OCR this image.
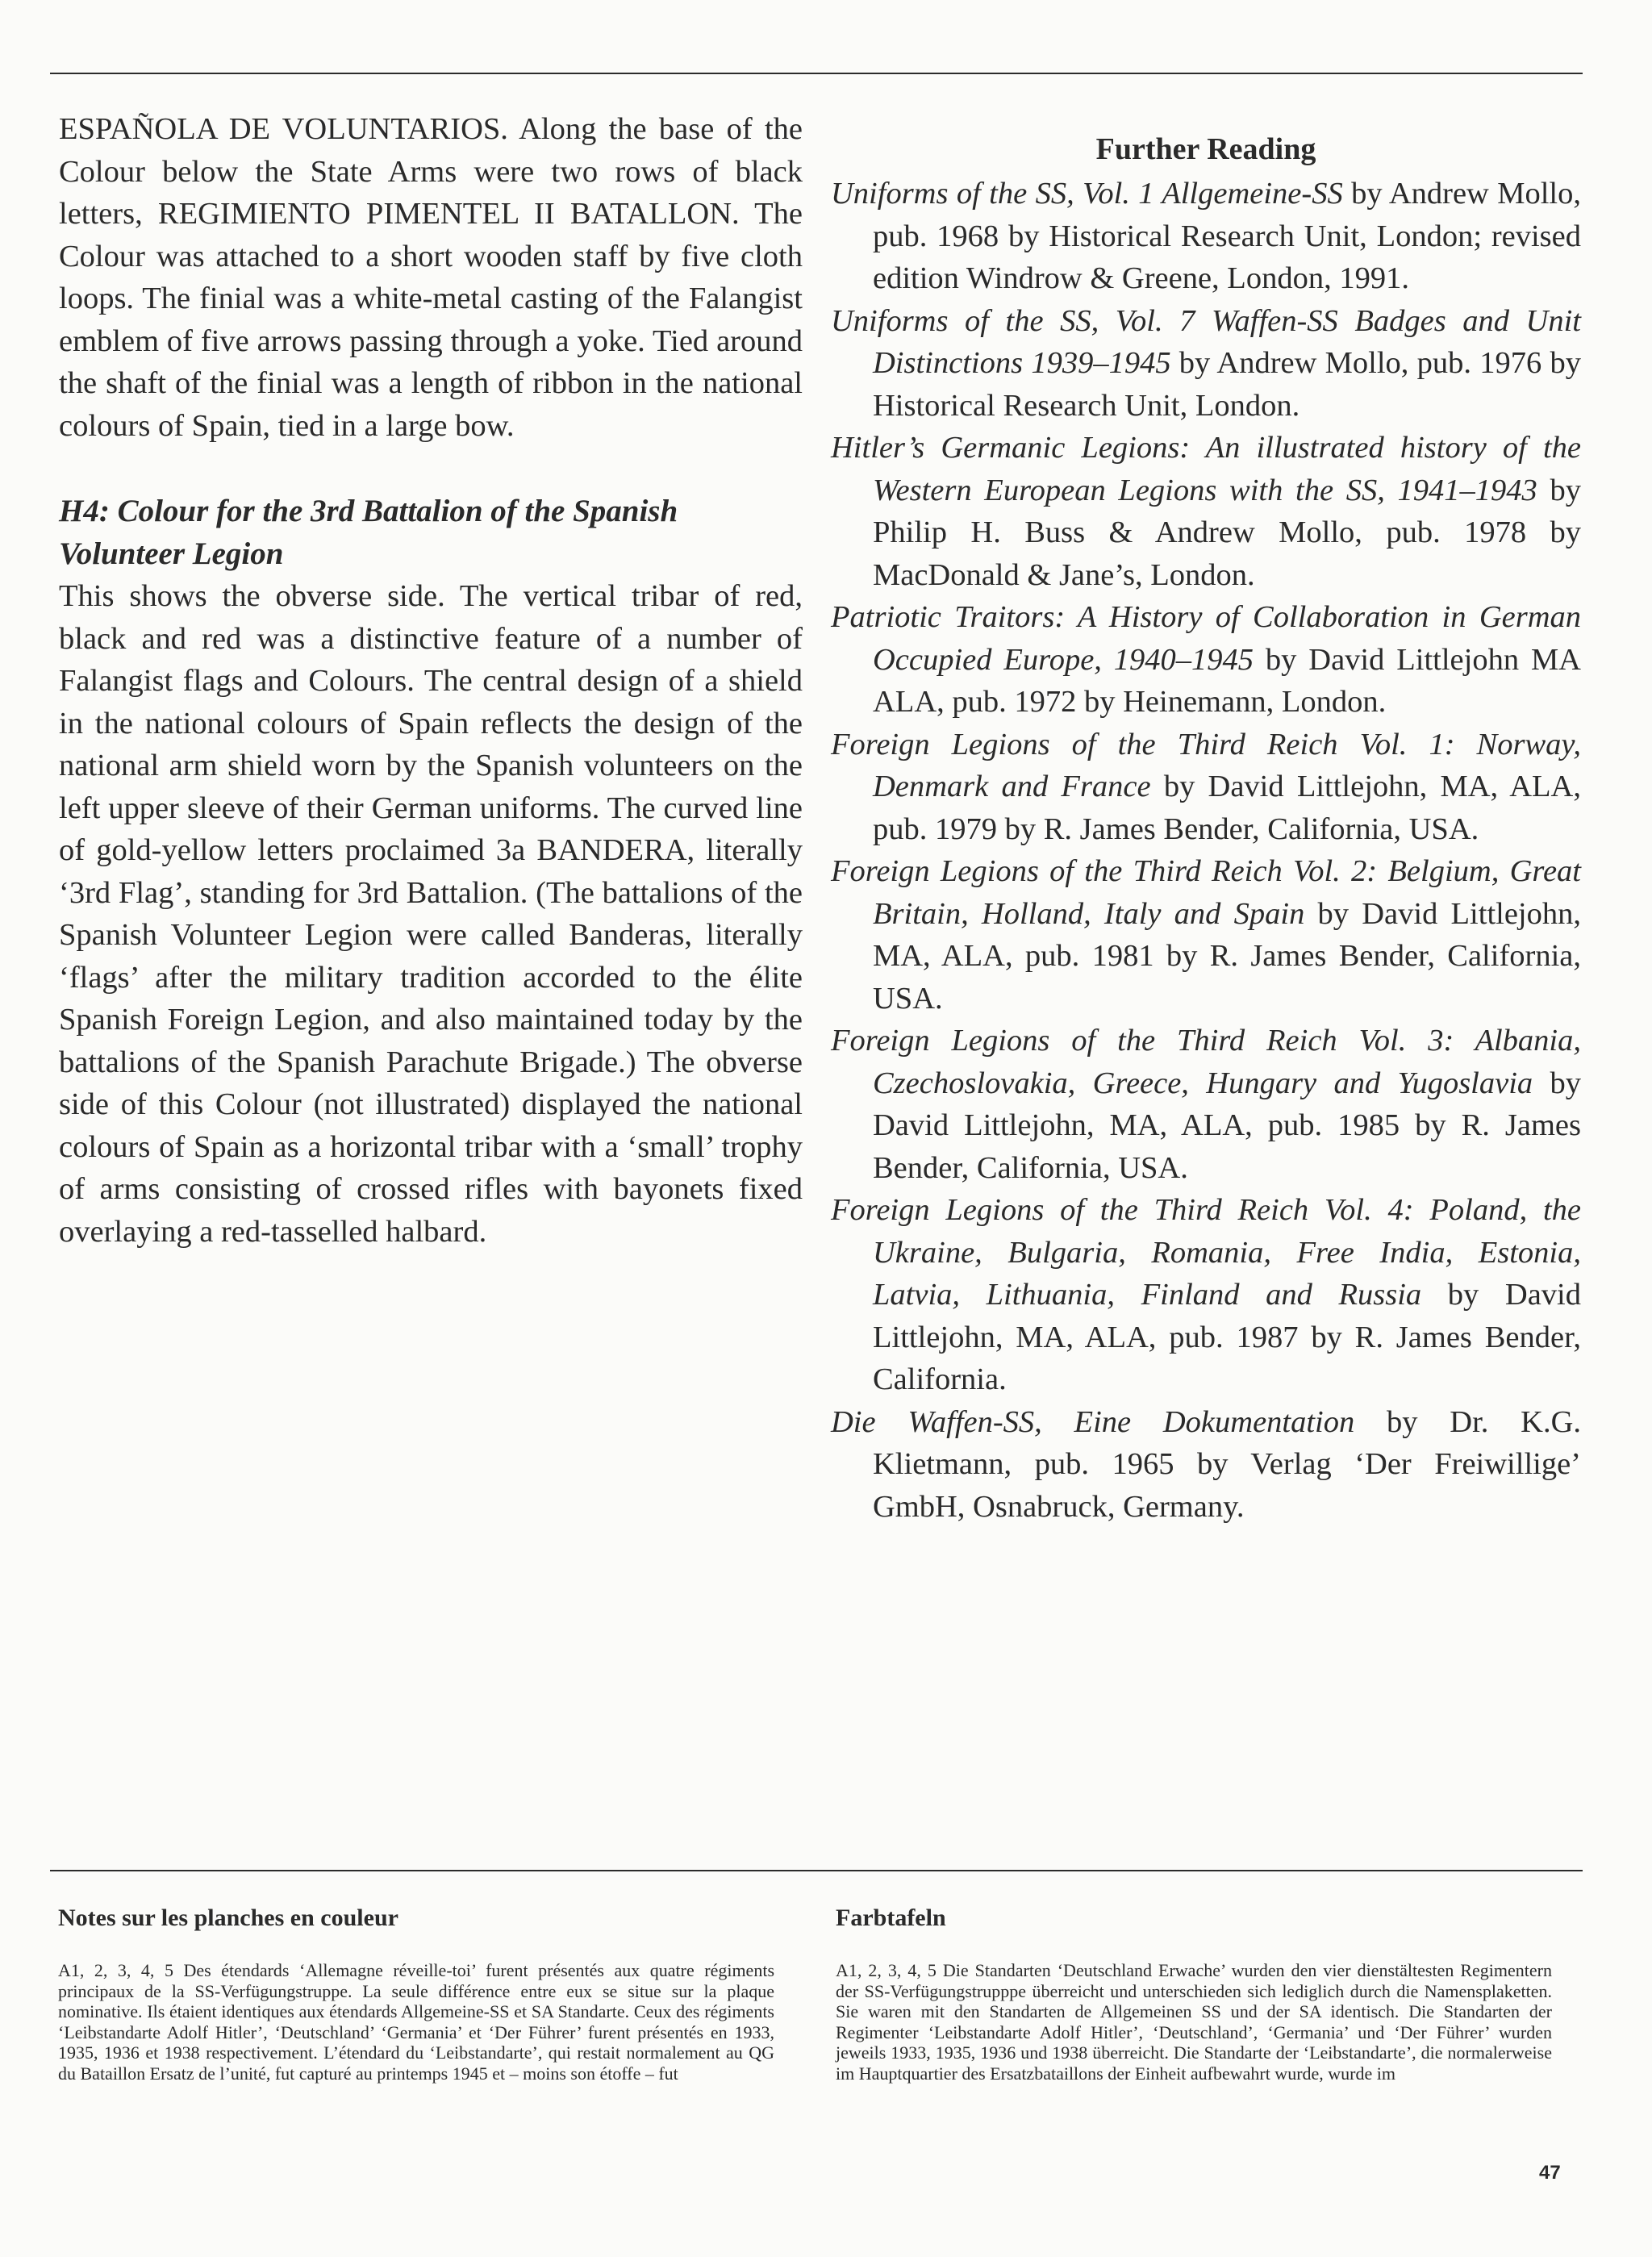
ESPAÑOLA DE VOLUNTARIOS. Along the base of the Colour below the State Arms were two rows of black letters, REGIMIENTO PIMENTEL II BATALLON. The Colour was attached to a short wooden staff by five cloth loops. The finial was a white-metal casting of the Falangist emblem of five arrows passing through a yoke. Tied around the shaft of the finial was a length of ribbon in the national colours of Spain, tied in a large bow.

H4: Colour for the 3rd Battalion of the Spanish Volunteer Legion

This shows the obverse side. The vertical tribar of red, black and red was a distinctive feature of a number of Falangist flags and Colours. The central design of a shield in the national colours of Spain reflects the design of the national arm shield worn by the Spanish volunteers on the left upper sleeve of their German uniforms. The curved line of gold-yellow letters proclaimed 3a BANDERA, literally ‘3rd Flag’, standing for 3rd Battalion. (The battalions of the Spanish Volunteer Legion were called Banderas, literally ‘flags’ after the military tradition accorded to the élite Spanish Foreign Legion, and also maintained today by the battalions of the Spanish Parachute Brigade.) The obverse side of this Colour (not illustrated) displayed the national colours of Spain as a horizontal tribar with a ‘small’ trophy of arms consisting of crossed rifles with bayonets fixed overlaying a red-tasselled halbard.

Further Reading

Uniforms of the SS, Vol. 1 Allgemeine-SS by Andrew Mollo, pub. 1968 by Historical Research Unit, London; revised edition Windrow & Greene, London, 1991.

Uniforms of the SS, Vol. 7 Waffen-SS Badges and Unit Distinctions 1939–1945 by Andrew Mollo, pub. 1976 by Historical Research Unit, London.

Hitler’s Germanic Legions: An illustrated history of the Western European Legions with the SS, 1941–1943 by Philip H. Buss & Andrew Mollo, pub. 1978 by MacDonald & Jane’s, London.

Patriotic Traitors: A History of Collaboration in German Occupied Europe, 1940–1945 by David Littlejohn MA ALA, pub. 1972 by Heinemann, London.

Foreign Legions of the Third Reich Vol. 1: Norway, Denmark and France by David Littlejohn, MA, ALA, pub. 1979 by R. James Bender, California, USA.

Foreign Legions of the Third Reich Vol. 2: Belgium, Great Britain, Holland, Italy and Spain by David Littlejohn, MA, ALA, pub. 1981 by R. James Bender, California, USA.

Foreign Legions of the Third Reich Vol. 3: Albania, Czechoslovakia, Greece, Hungary and Yugoslavia by David Littlejohn, MA, ALA, pub. 1985 by R. James Bender, California, USA.

Foreign Legions of the Third Reich Vol. 4: Poland, the Ukraine, Bulgaria, Romania, Free India, Estonia, Latvia, Lithuania, Finland and Russia by David Littlejohn, MA, ALA, pub. 1987 by R. James Bender, California.

Die Waffen-SS, Eine Dokumentation by Dr. K.G. Klietmann, pub. 1965 by Verlag ‘Der Freiwillige’ GmbH, Osnabruck, Germany.

Notes sur les planches en couleur

A1, 2, 3, 4, 5 Des étendards ‘Allemagne réveille-toi’ furent présentés aux quatre régiments principaux de la SS-Verfügungstruppe. La seule différence entre eux se situe sur la plaque nominative. Ils étaient identiques aux étendards Allgemeine-SS et SA Standarte. Ceux des régiments ‘Leibstandarte Adolf Hitler’, ‘Deutschland’ ‘Germania’ et ‘Der Führer’ furent présentés en 1933, 1935, 1936 et 1938 respectivement. L’étendard du ‘Leibstandarte’, qui restait normalement au QG du Bataillon Ersatz de l’unité, fut capturé au printemps 1945 et – moins son étoffe – fut

Farbtafeln

A1, 2, 3, 4, 5 Die Standarten ‘Deutschland Erwache’ wurden den vier dienstältesten Regimentern der SS-Verfügungstrupppe überreicht und unterschieden sich lediglich durch die Namensplaketten. Sie waren mit den Standarten de Allgemeinen SS und der SA identisch. Die Standarten der Regimenter ‘Leibstandarte Adolf Hitler’, ‘Deutschland’, ‘Germania’ und ‘Der Führer’ wurden jeweils 1933, 1935, 1936 und 1938 überreicht. Die Standarte der ‘Leibstandarte’, die normalerweise im Hauptquartier des Ersatzbataillons der Einheit aufbewahrt wurde, wurde im

47
